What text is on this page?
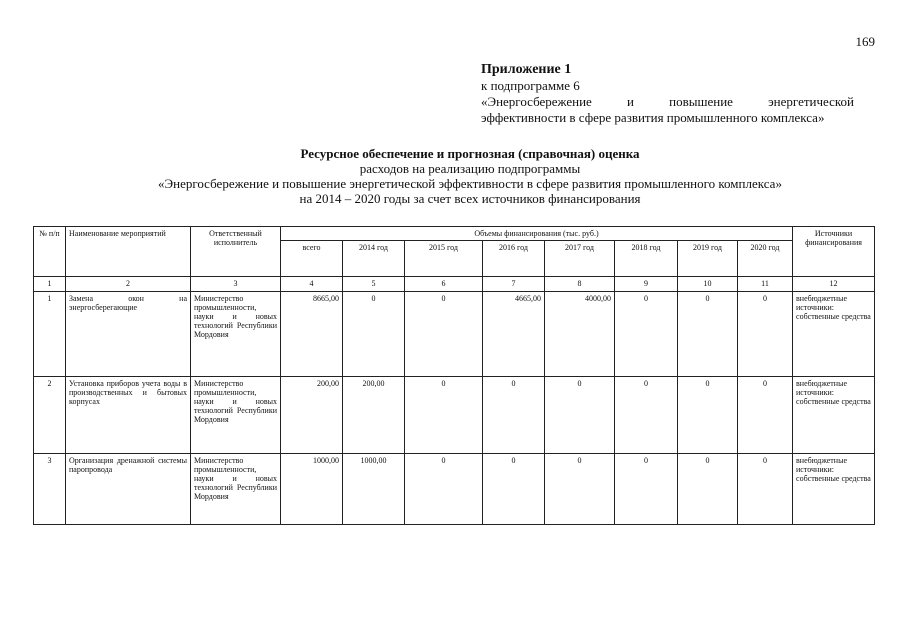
169
Приложение 1
к подпрограмме 6
«Энергосбережение и повышение энергетической
эффективности в сфере развития промышленного комплекса»
Ресурсное обеспечение и прогнозная (справочная) оценка
расходов на реализацию подпрограммы
«Энергосбережение и повышение энергетической эффективности в сфере развития промышленного комплекса»
на 2014 – 2020 годы за счет всех источников финансирования
№ п/п	Наименование мероприятий	Ответственный исполнитель	Объемы финансирования (тыс. руб.)								Источники финансирования
			всего	2014 год	2015 год	2016 год	2017 год	2018 год	2019 год	2020 год	
1	2	3	4	5	6	7	8	9	10	11	12
1	Замена окон на энергосберегающие	Министерство промышленности, науки и новых технологий Республики Мордовия	8665,00	0	0	4665,00	4000,00	0	0	0	внебюджетные источники: собственные средства
2	Установка приборов учета воды в производственных и бытовых корпусах	Министерство промышленности, науки и новых технологий Республики Мордовия	200,00	200,00	0	0	0	0	0	0	внебюджетные источники: собственные средства
3	Организация дренажной системы паропровода	Министерство промышленности, науки и новых технологий Республики Мордовия	1000,00	1000,00	0	0	0	0	0	0	внебюджетные источники: собственные средства
